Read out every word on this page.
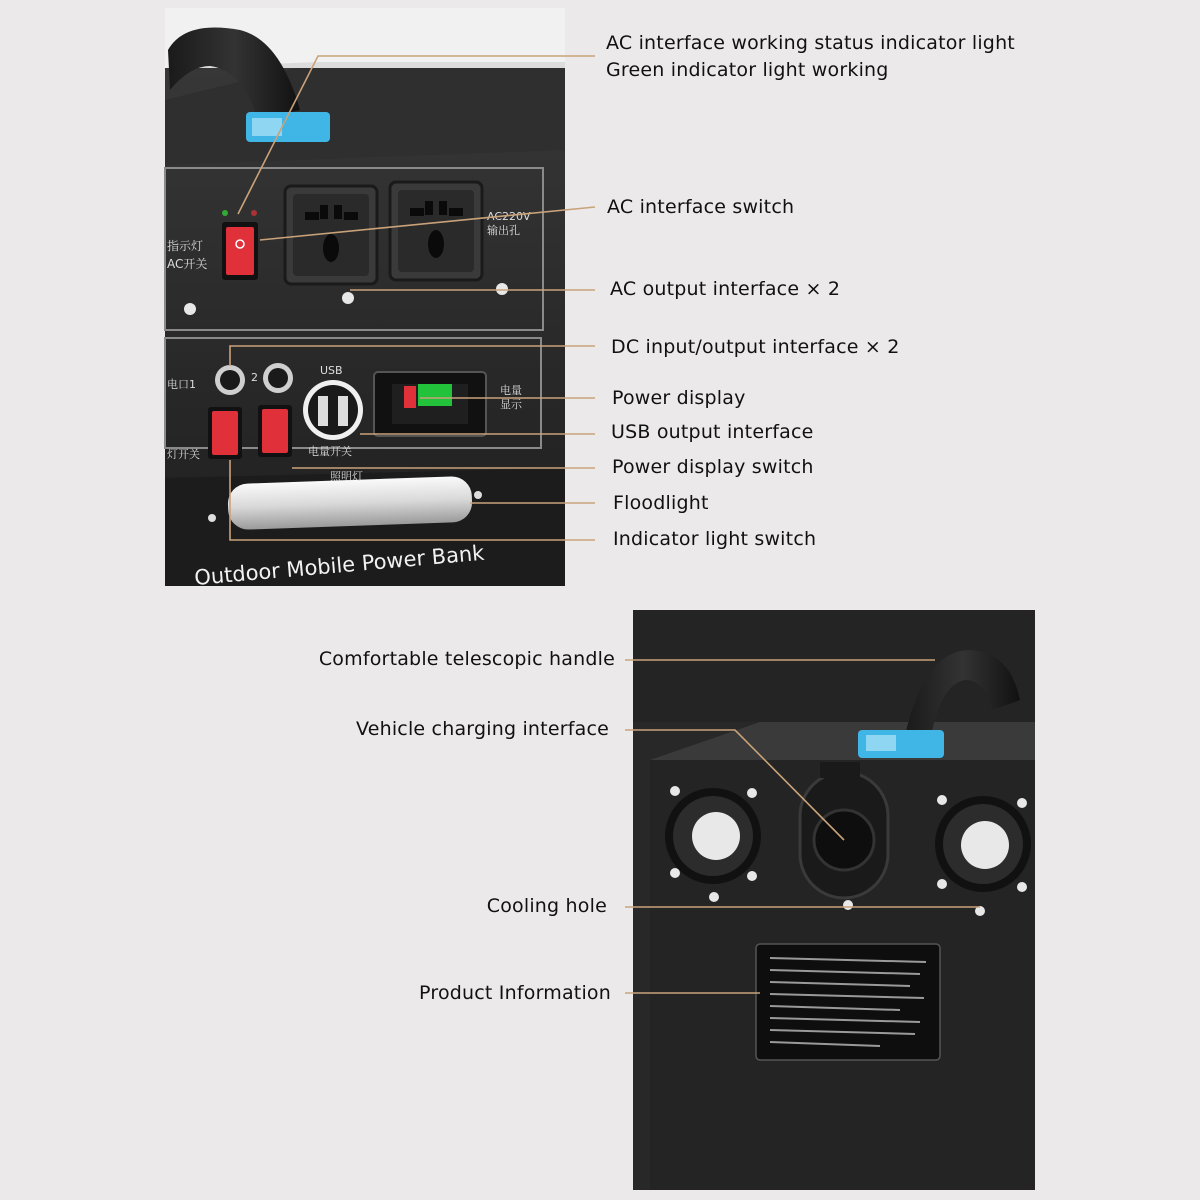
Outdoor Mobile Power Bank
指示灯
AC开关
AC220V
输出孔
电口1
2
USB
电量
显示
灯开关	电量开关
照明灯
AC interface working status indicator light
Green indicator light working
AC interface switch
AC output interface × 2
DC input/output interface × 2
Power display
USB output interface
Power display switch
Floodlight
Indicator light switch
Comfortable telescopic handle
Vehicle charging interface
Cooling hole
Product Information
